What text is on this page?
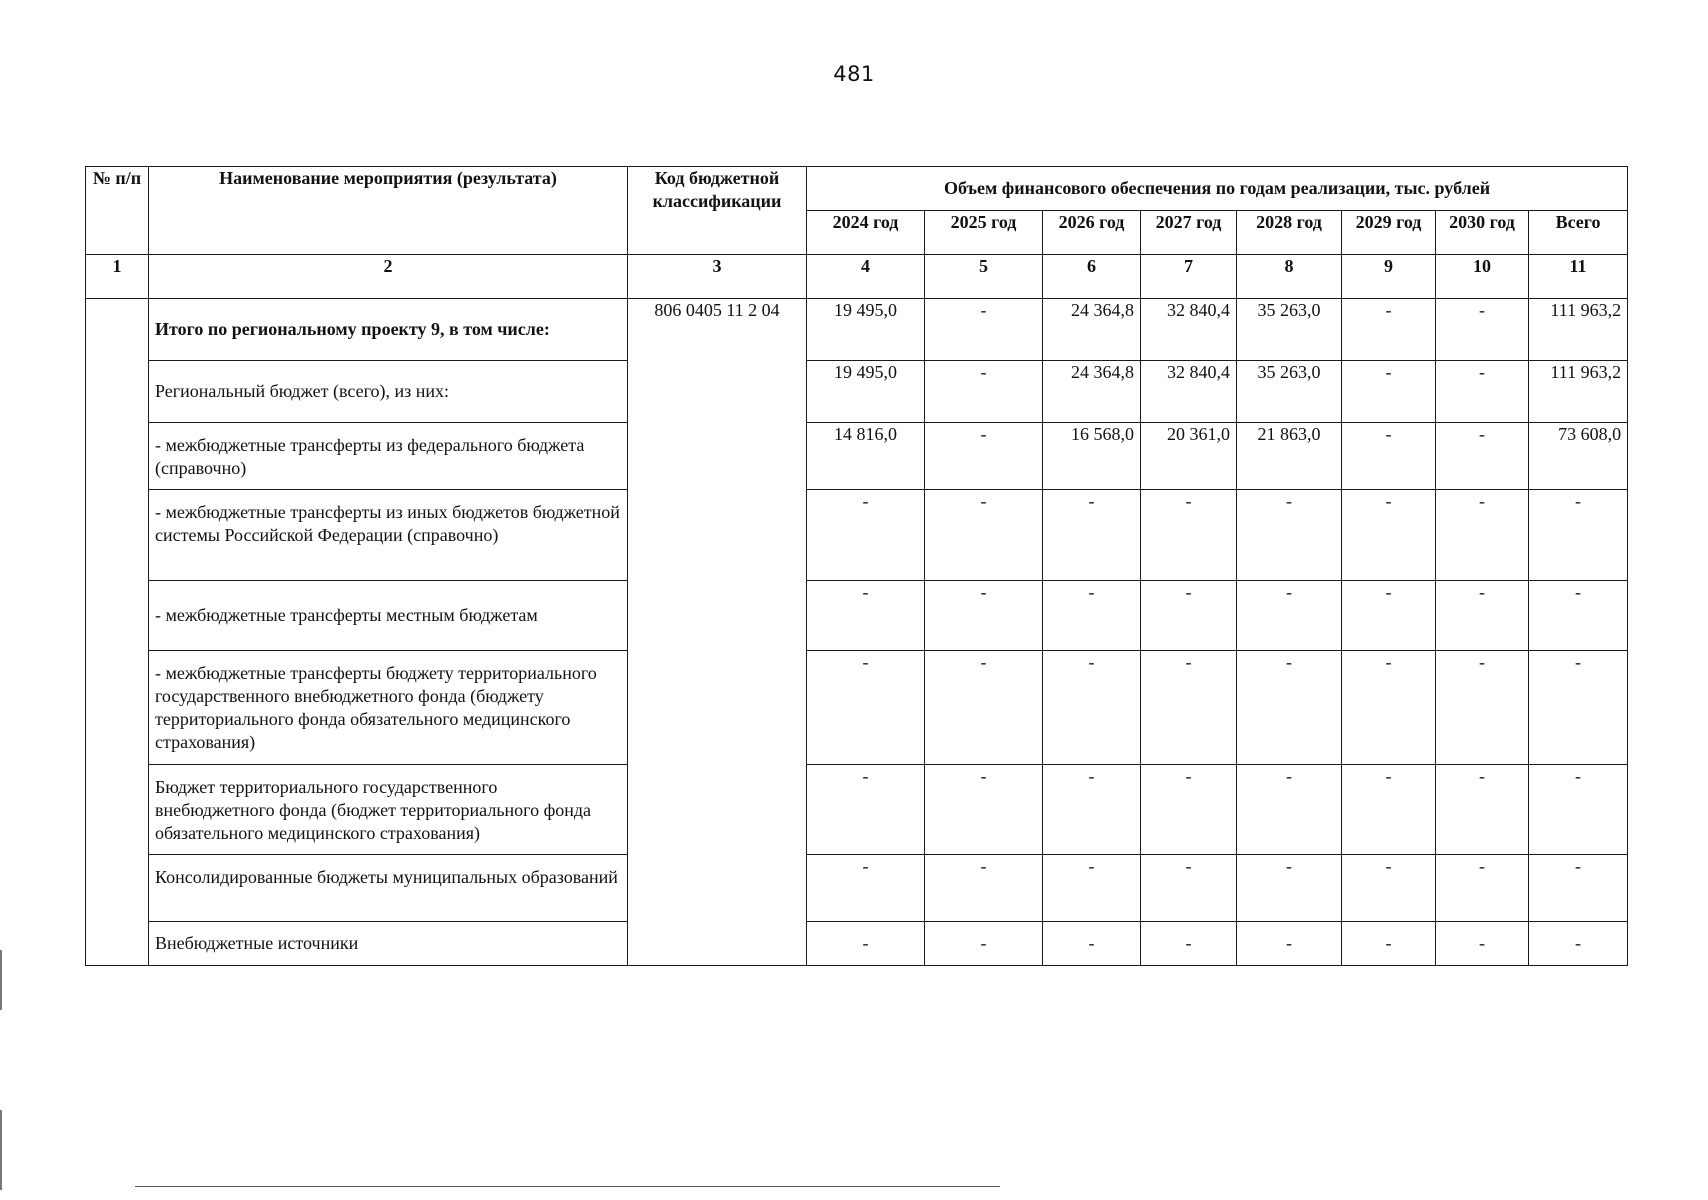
481
№ п/п	Наименование мероприятия (результата)	Код бюджетной классификации	Объем финансового обеспечения по годам реализации, тыс. рублей							
			2024 год	2025 год	2026 год	2027 год	2028 год	2029 год	2030 год	Всего
1	2	3	4	5	6	7	8	9	10	11
	Итого по региональному проекту 9, в том числе:	806 0405 11 2 04	19 495,0	-	24 364,8	32 840,4	35 263,0	-	-	111 963,2
	Региональный бюджет (всего), из них:		19 495,0	-	24 364,8	32 840,4	35 263,0	-	-	111 963,2
	- межбюджетные трансферты из федерального бюджета (справочно)		14 816,0	-	16 568,0	20 361,0	21 863,0	-	-	73 608,0
	- межбюджетные трансферты из иных бюджетов бюджетной системы Российской Федерации (справочно)		-	-	-	-	-	-	-	-
	- межбюджетные трансферты местным бюджетам		-	-	-	-	-	-	-	-
	- межбюджетные трансферты бюджету территориального государственного внебюджетного фонда (бюджету территориального фонда обязательного медицинского страхования)		-	-	-	-	-	-	-	-
	Бюджет территориального государственного внебюджетного фонда (бюджет территориального фонда обязательного медицинского страхования)		-	-	-	-	-	-	-	-
	Консолидированные бюджеты муниципальных образований		-	-	-	-	-	-	-	-
	Внебюджетные источники		-	-	-	-	-	-	-	-
